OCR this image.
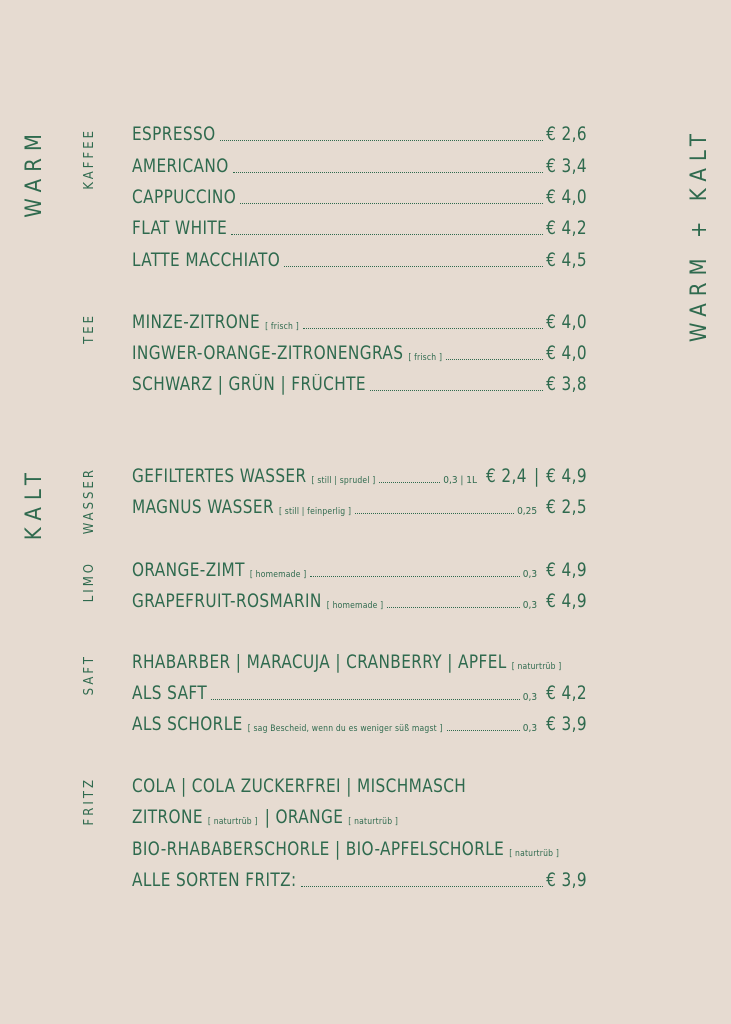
WARM
KALT
WARM + KALT
KAFFEE
TEE
WASSER
LIMO
SAFT
FRITZ
ESPRESSO	€ 2,6
AMERICANO	€ 3,4
CAPPUCCINO	€ 4,0
FLAT WHITE	€ 4,2
LATTE MACCHIATO	€ 4,5
MINZE-ZITRONE [ frisch ]	€ 4,0
INGWER-ORANGE-ZITRONENGRAS [ frisch ]	€ 4,0
SCHWARZ | GRÜN | FRÜCHTE	€ 3,8
GEFILTERTES WASSER [ still | sprudel ]	0,3 | 1L € 2,4 | € 4,9
MAGNUS WASSER [ still | feinperlig ]	0,25 € 2,5
ORANGE-ZIMT [ homemade ]	0,3 € 4,9
GRAPEFRUIT-ROSMARIN [ homemade ]	0,3 € 4,9
RHABARBER | MARACUJA | CRANBERRY | APFEL [ naturtrüb ]
ALS SAFT	0,3 € 4,2
ALS SCHORLE [ sag Bescheid, wenn du es weniger süß magst ]	0,3 € 3,9
COLA | COLA ZUCKERFREI | MISCHMASCH
ZITRONE [ naturtrüb ] | ORANGE [ naturtrüb ]
BIO-RHABABERSCHORLE | BIO-APFELSCHORLE [ naturtrüb ]
ALLE SORTEN FRITZ:	€ 3,9
